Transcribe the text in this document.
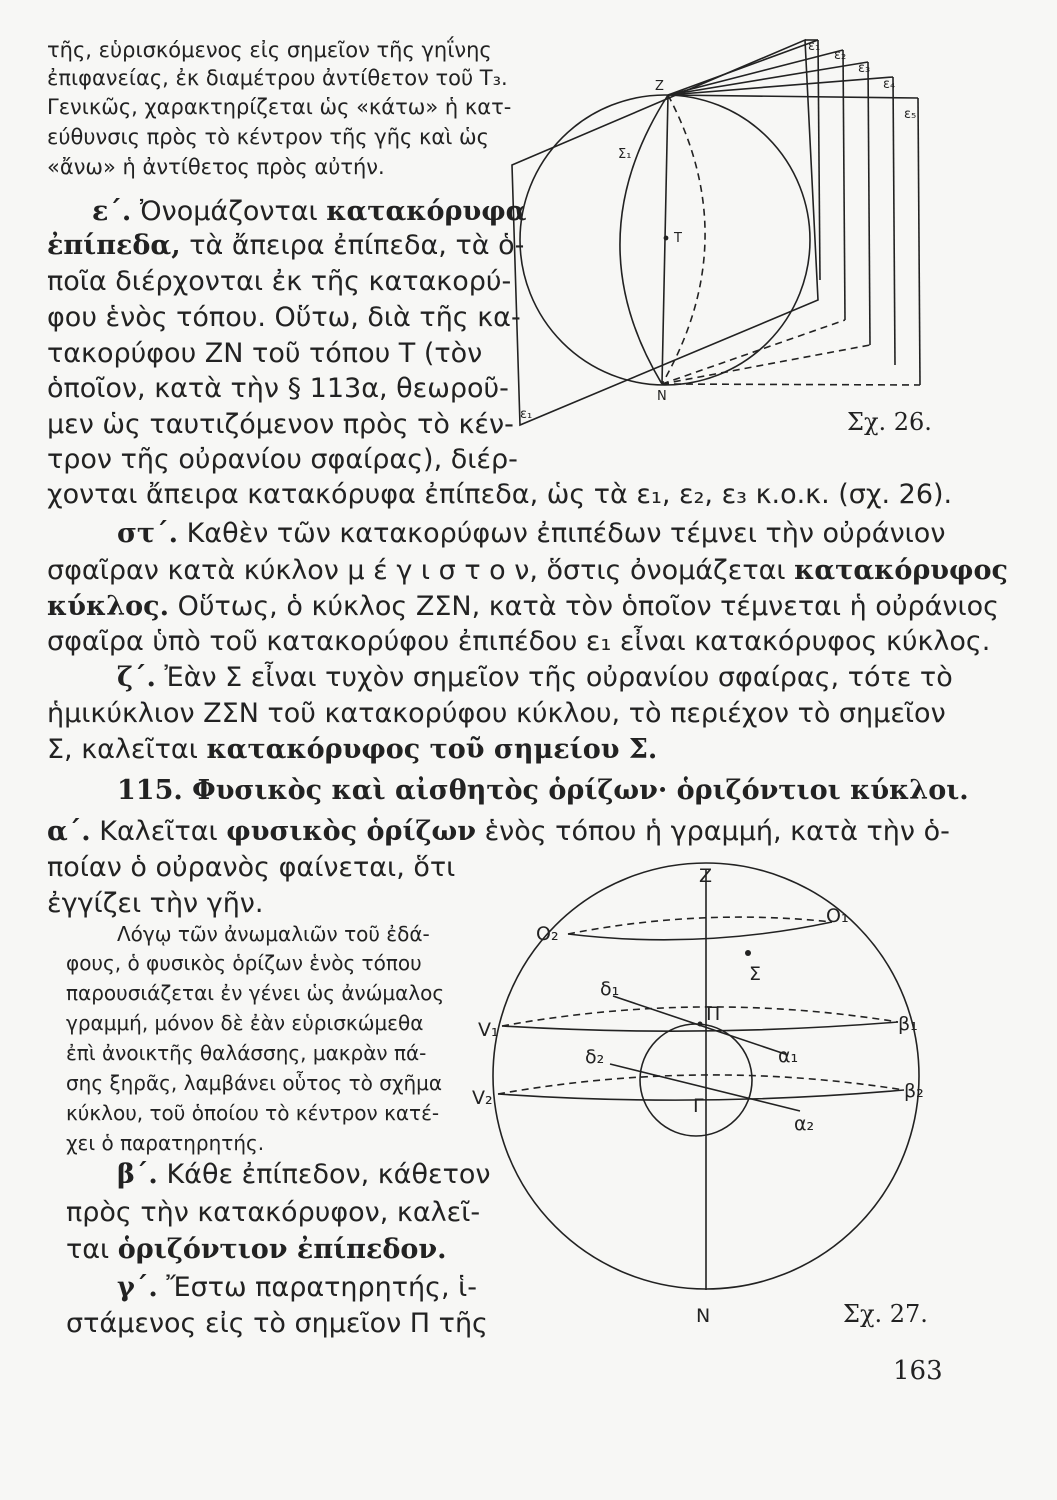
τῆς, εὑρισκόμενος εἰς σημεῖον τῆς γηΐνης
ἐπιφανείας, ἐκ διαμέτρου ἀντίθετον τοῦ Τ₃.
Γενικῶς, χαρακτηρίζεται ὡς «κάτω» ἡ κατ-
εύθυνσις πρὸς τὸ κέντρον τῆς γῆς καὶ ὡς
«ἄνω» ἡ ἀντίθετος πρὸς αὐτήν.
ε΄. Ὀνομάζονται κατακόρυφα
ἐπίπεδα, τὰ ἄπειρα ἐπίπεδα, τὰ ὁ-
ποῖα διέρχονται ἐκ τῆς κατακορύ-
φου ἑνὸς τόπου. Οὕτω, διὰ τῆς κα-
τακορύφου ΖΝ τοῦ τόπου Τ (τὸν
ὁποῖον, κατὰ τὴν § 113α, θεωροῦ-
μεν ὡς ταυτιζόμενον πρὸς τὸ κέν-
τρον τῆς οὐρανίου σφαίρας), διέρ-
χονται ἄπειρα κατακόρυφα ἐπίπεδα, ὡς τὰ ε₁, ε₂, ε₃ κ.ο.κ. (σχ. 26).
στ΄. Καθὲν τῶν κατακορύφων ἐπιπέδων τέμνει τὴν οὐράνιον
σφαῖραν κατὰ κύκλον μ έ γ ι σ τ ο ν, ὅστις ὀνομάζεται κατακόρυφος
κύκλος. Οὕτως, ὁ κύκλος ΖΣΝ, κατὰ τὸν ὁποῖον τέμνεται ἡ οὐράνιος
σφαῖρα ὑπὸ τοῦ κατακορύφου ἐπιπέδου ε₁ εἶναι κατακόρυφος κύκλος.
ζ΄. Ἐὰν Σ εἶναι τυχὸν σημεῖον τῆς οὐρανίου σφαίρας, τότε τὸ
ἡμικύκλιον ΖΣΝ τοῦ κατακορύφου κύκλου, τὸ περιέχον τὸ σημεῖον
Σ, καλεῖται κατακόρυφος τοῦ σημείου Σ.
115. Φυσικὸς καὶ αἰσθητὸς ὁρίζων· ὁριζόντιοι κύκλοι.
α΄. Καλεῖται φυσικὸς ὁρίζων ἑνὸς τόπου ἡ γραμμή, κατὰ τὴν ὁ-
ποίαν ὁ οὐρανὸς φαίνεται, ὅτι
ἐγγίζει τὴν γῆν.
Λόγῳ τῶν ἀνωμαλιῶν τοῦ ἐδά-
φους, ὁ φυσικὸς ὁρίζων ἑνὸς τόπου
παρουσιάζεται ἐν γένει ὡς ἀνώμαλος
γραμμή, μόνον δὲ ἐὰν εὑρισκώμεθα
ἐπὶ ἀνοικτῆς θαλάσσης, μακρὰν πά-
σης ξηρᾶς, λαμβάνει οὗτος τὸ σχῆμα
κύκλου, τοῦ ὁποίου τὸ κέντρον κατέ-
χει ὁ παρατηρητής.
β΄. Κάθε ἐπίπεδον, κάθετον
πρὸς τὴν κατακόρυφον, καλεῖ-
ται ὁριζόντιον ἐπίπεδον.
γ΄. Ἔστω παρατηρητής, ἱ-
στάμενος εἰς τὸ σημεῖον Π τῆς
Z
N
T
Σ₁
ε₁
ε₁
ε₂
ε₃
ε₄
ε₅
Σχ. 26.
Z
N
O₁
O₂
Σ
δ₁
δ₂
Π
Γ
V₁
V₂
β₁
β₂
α₁
α₂
Σχ. 27.
163
